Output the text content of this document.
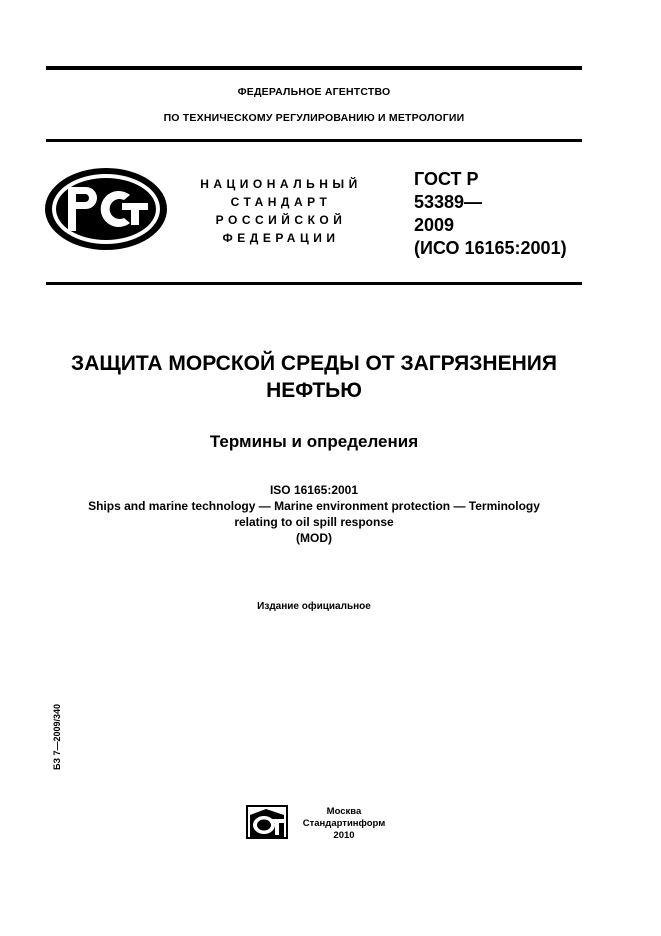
ФЕДЕРАЛЬНОЕ АГЕНТСТВО
ПО ТЕХНИЧЕСКОМУ РЕГУЛИРОВАНИЮ И МЕТРОЛОГИИ
НАЦИОНАЛЬНЫЙ
СТАНДАРТ
РОССИЙСКОЙ
ФЕДЕРАЦИИ
ГОСТ Р
53389—
2009
(ИСО 16165:2001)
ЗАЩИТА МОРСКОЙ СРЕДЫ ОТ ЗАГРЯЗНЕНИЯ
НЕФТЬЮ
Термины и определения
ISO 16165:2001
Ships and marine technology — Marine environment protection — Terminology
relating to oil spill response
(MOD)
Издание официальное
БЗ 7—2009/340
Москва
Стандартинформ
2010
